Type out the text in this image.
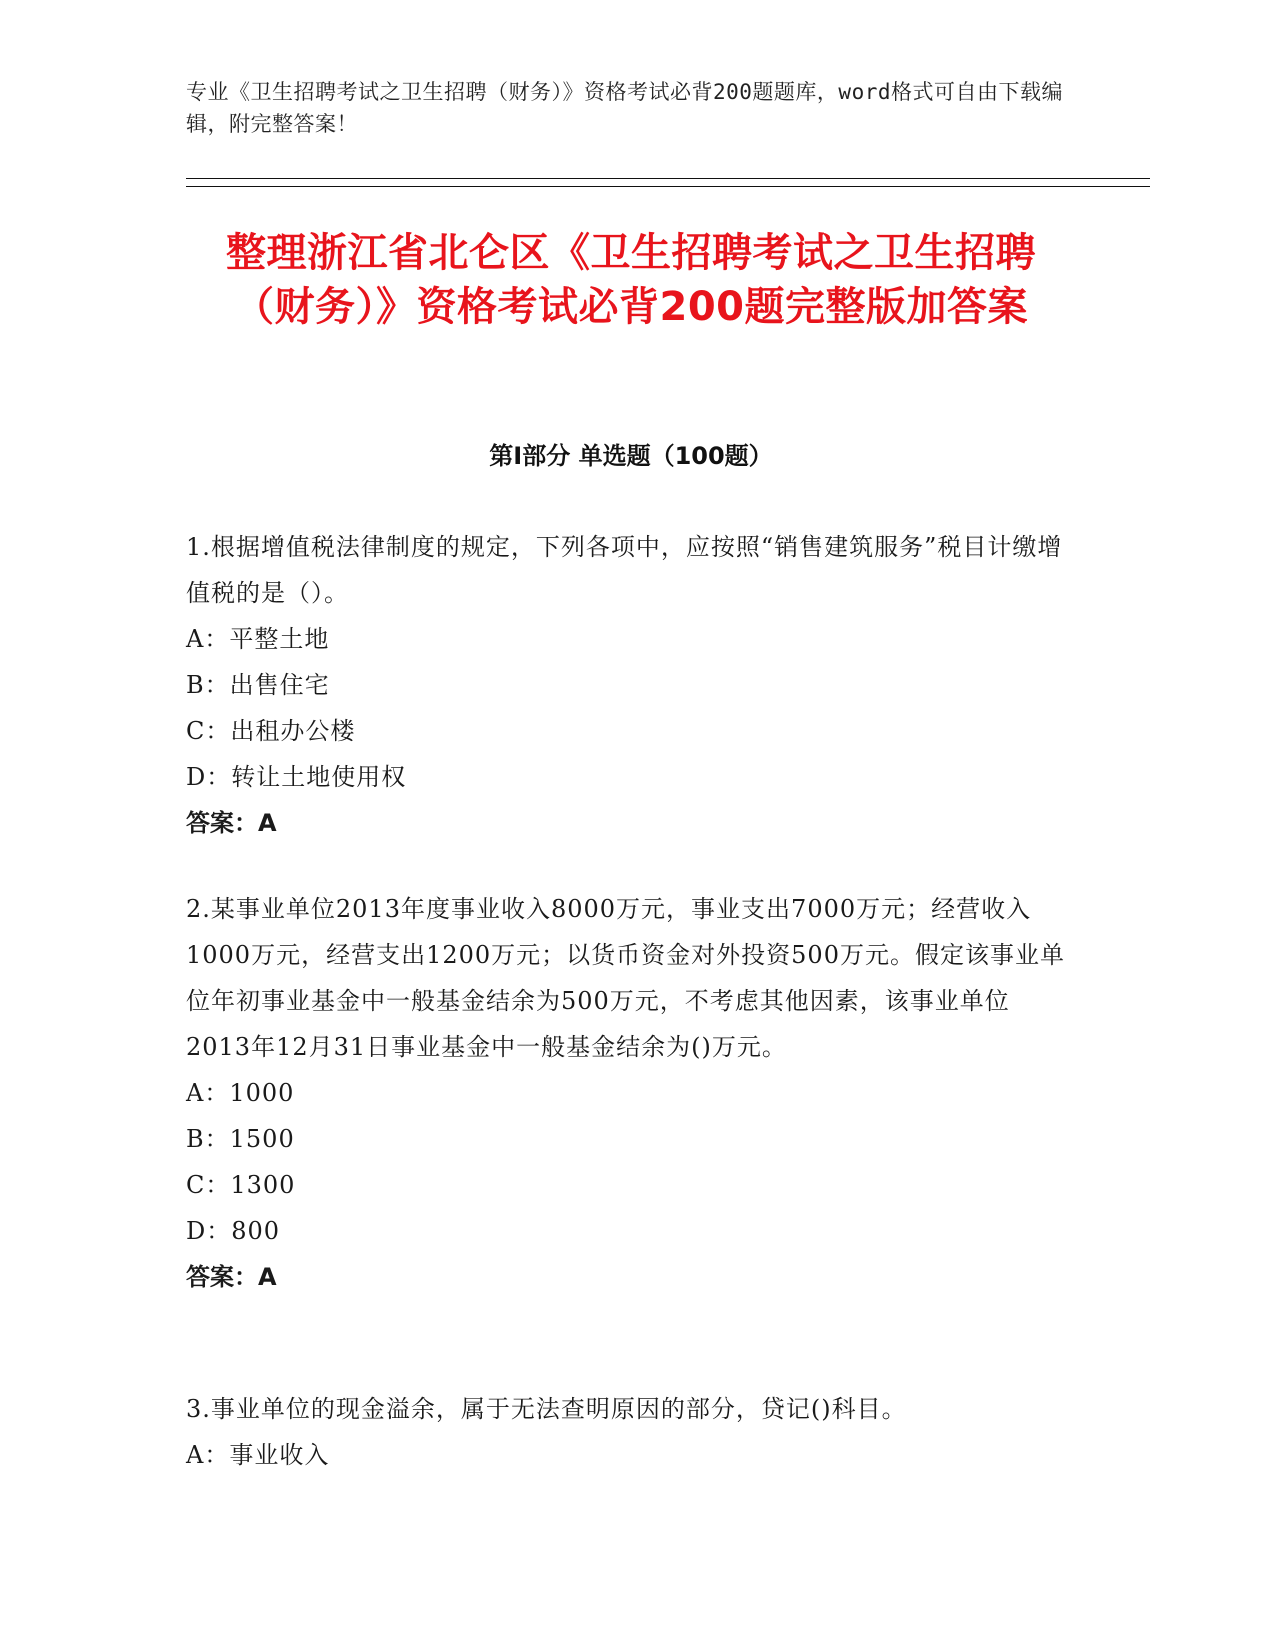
专业《卫生招聘考试之卫生招聘（财务）》资格考试必背200题题库，word格式可自由下载编辑，附完整答案！
整理浙江省北仑区《卫生招聘考试之卫生招聘（财务）》资格考试必背200题完整版加答案
第Ⅰ部分 单选题（100题）

1.根据增值税法律制度的规定，下列各项中，应按照“销售建筑服务”税目计缴增值税的是（）。

A：平整土地

B：出售住宅

C：出租办公楼

D：转让土地使用权

答案：A

2.某事业单位2013年度事业收入8000万元，事业支出7000万元；经营收入1000万元，经营支出1200万元；以货币资金对外投资500万元。假定该事业单位年初事业基金中一般基金结余为500万元，不考虑其他因素，该事业单位2013年12月31日事业基金中一般基金结余为()万元。

A：1000

B：1500

C：1300

D：800

答案：A

3.事业单位的现金溢余，属于无法查明原因的部分，贷记()科目。

A：事业收入
